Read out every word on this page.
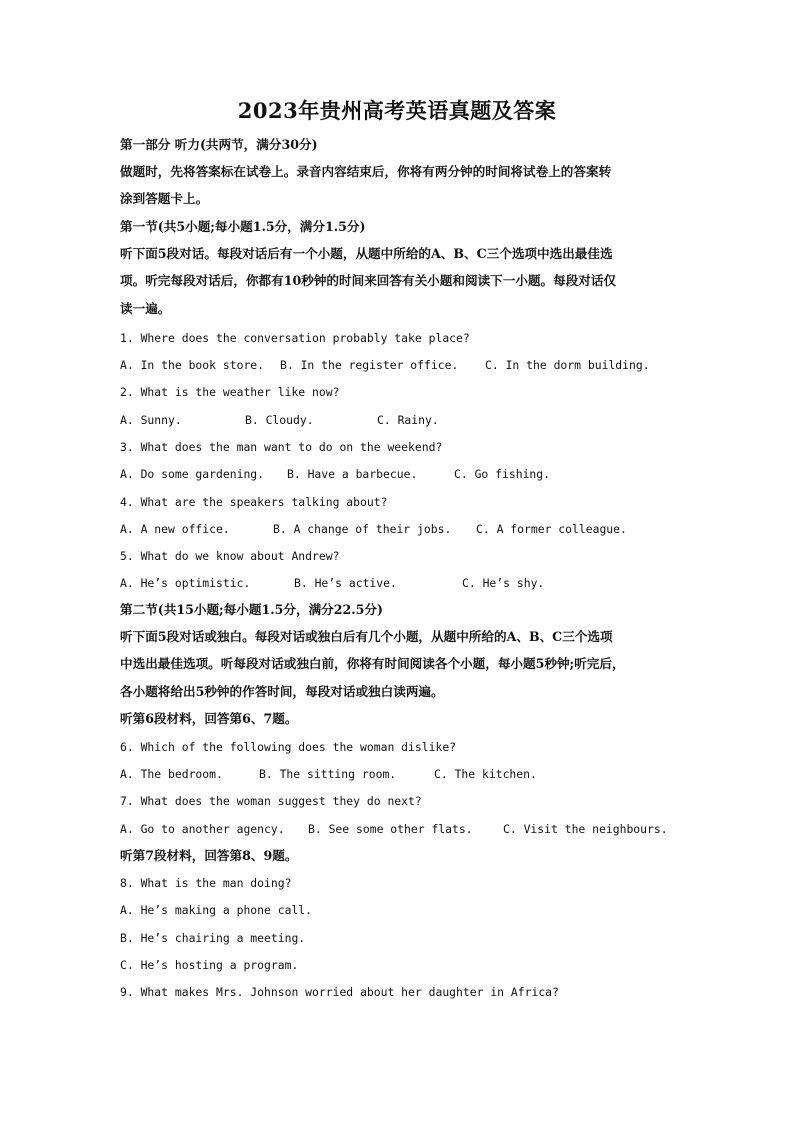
2023年贵州高考英语真题及答案
第一部分 听力(共两节，满分30分)
做题时，先将答案标在试卷上。录音内容结束后，你将有两分钟的时间将试卷上的答案转
涂到答题卡上。
第一节(共5小题;每小题1.5分，满分1.5分)
听下面5段对话。每段对话后有一个小题，从题中所给的A、B、C三个选项中选出最佳选
项。听完每段对话后，你都有10秒钟的时间来回答有关小题和阅读下一小题。每段对话仅
读一遍。
1. Where does the conversation probably take place?
A. In the book store. B. In the register office. C. In the dorm building.
2. What is the weather like now?
A. Sunny.	B. Cloudy.	C. Rainy.
3. What does the man want to do on the weekend?
A. Do some gardening. B. Have a barbecue.	C. Go fishing.
4. What are the speakers talking about?
A. A new office.	B. A change of their jobs. C. A former colleague.
5. What do we know about Andrew?
A. He’s optimistic.	B. He’s active.	C. He’s shy.
第二节(共15小题;每小题1.5分，满分22.5分)
听下面5段对话或独白。每段对话或独白后有几个小题，从题中所给的A、B、C三个选项
中选出最佳选项。听每段对话或独白前，你将有时间阅读各个小题，每小题5秒钟;听完后，
各小题将给出5秒钟的作答时间，每段对话或独白读两遍。
听第6段材料，回答第6、7题。
6. Which of the following does the woman dislike?
A. The bedroom.	B. The sitting room.	C. The kitchen.
7. What does the woman suggest they do next?
A. Go to another agency. B. See some other flats.	C. Visit the neighbours.
听第7段材料，回答第8、9题。
8. What is the man doing?
A. He’s making a phone call.
B. He’s chairing a meeting.
C. He’s hosting a program.
9. What makes Mrs. Johnson worried about her daughter in Africa?
